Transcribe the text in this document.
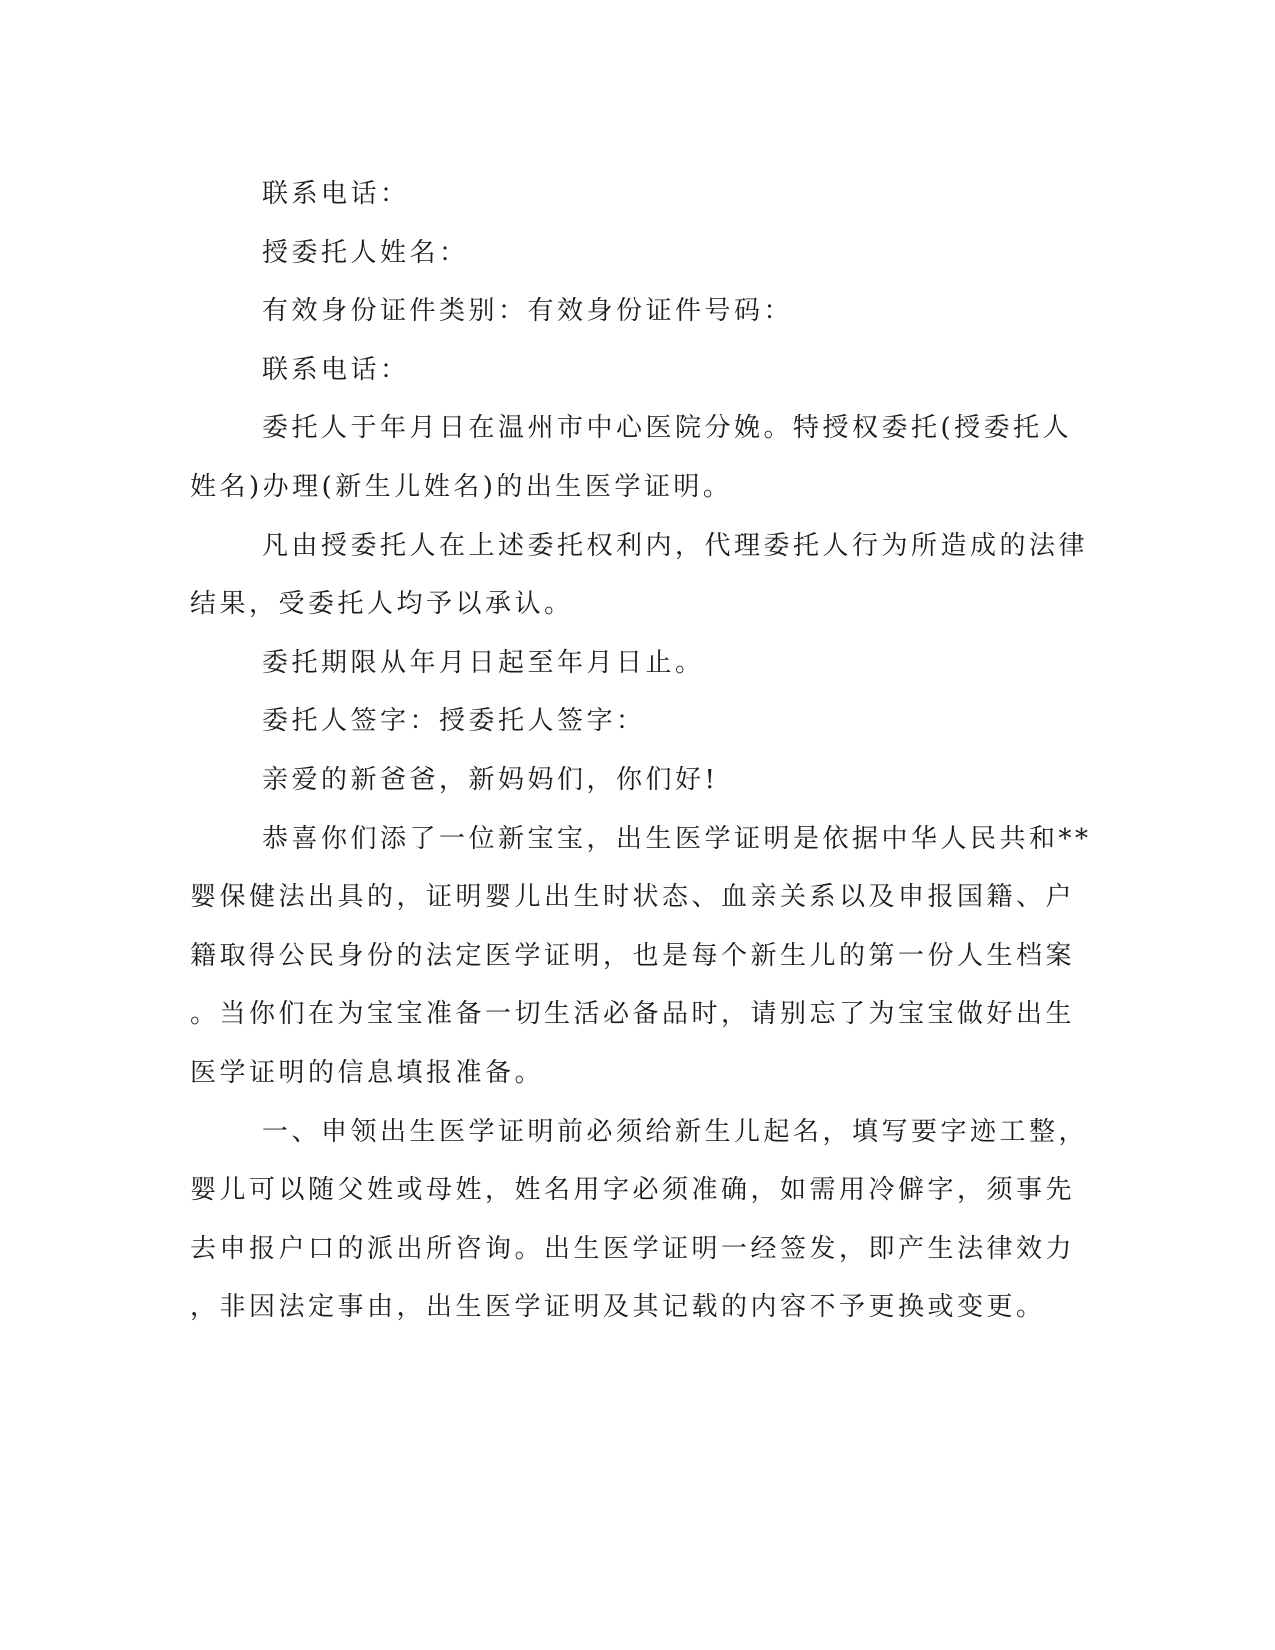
联系电话：
授委托人姓名：
有效身份证件类别：有效身份证件号码：
联系电话：
委托人于年月日在温州市中心医院分娩。特授权委托(授委托人
姓名)办理(新生儿姓名)的出生医学证明。
凡由授委托人在上述委托权利内，代理委托人行为所造成的法律
结果，受委托人均予以承认。
委托期限从年月日起至年月日止。
委托人签字：授委托人签字：
亲爱的新爸爸，新妈妈们，你们好!
恭喜你们添了一位新宝宝，出生医学证明是依据中华人民共和**
婴保健法出具的，证明婴儿出生时状态、血亲关系以及申报国籍、户
籍取得公民身份的法定医学证明，也是每个新生儿的第一份人生档案
。当你们在为宝宝准备一切生活必备品时，请别忘了为宝宝做好出生
医学证明的信息填报准备。
一、申领出生医学证明前必须给新生儿起名，填写要字迹工整，
婴儿可以随父姓或母姓，姓名用字必须准确，如需用冷僻字，须事先
去申报户口的派出所咨询。出生医学证明一经签发，即产生法律效力
，非因法定事由，出生医学证明及其记载的内容不予更换或变更。
